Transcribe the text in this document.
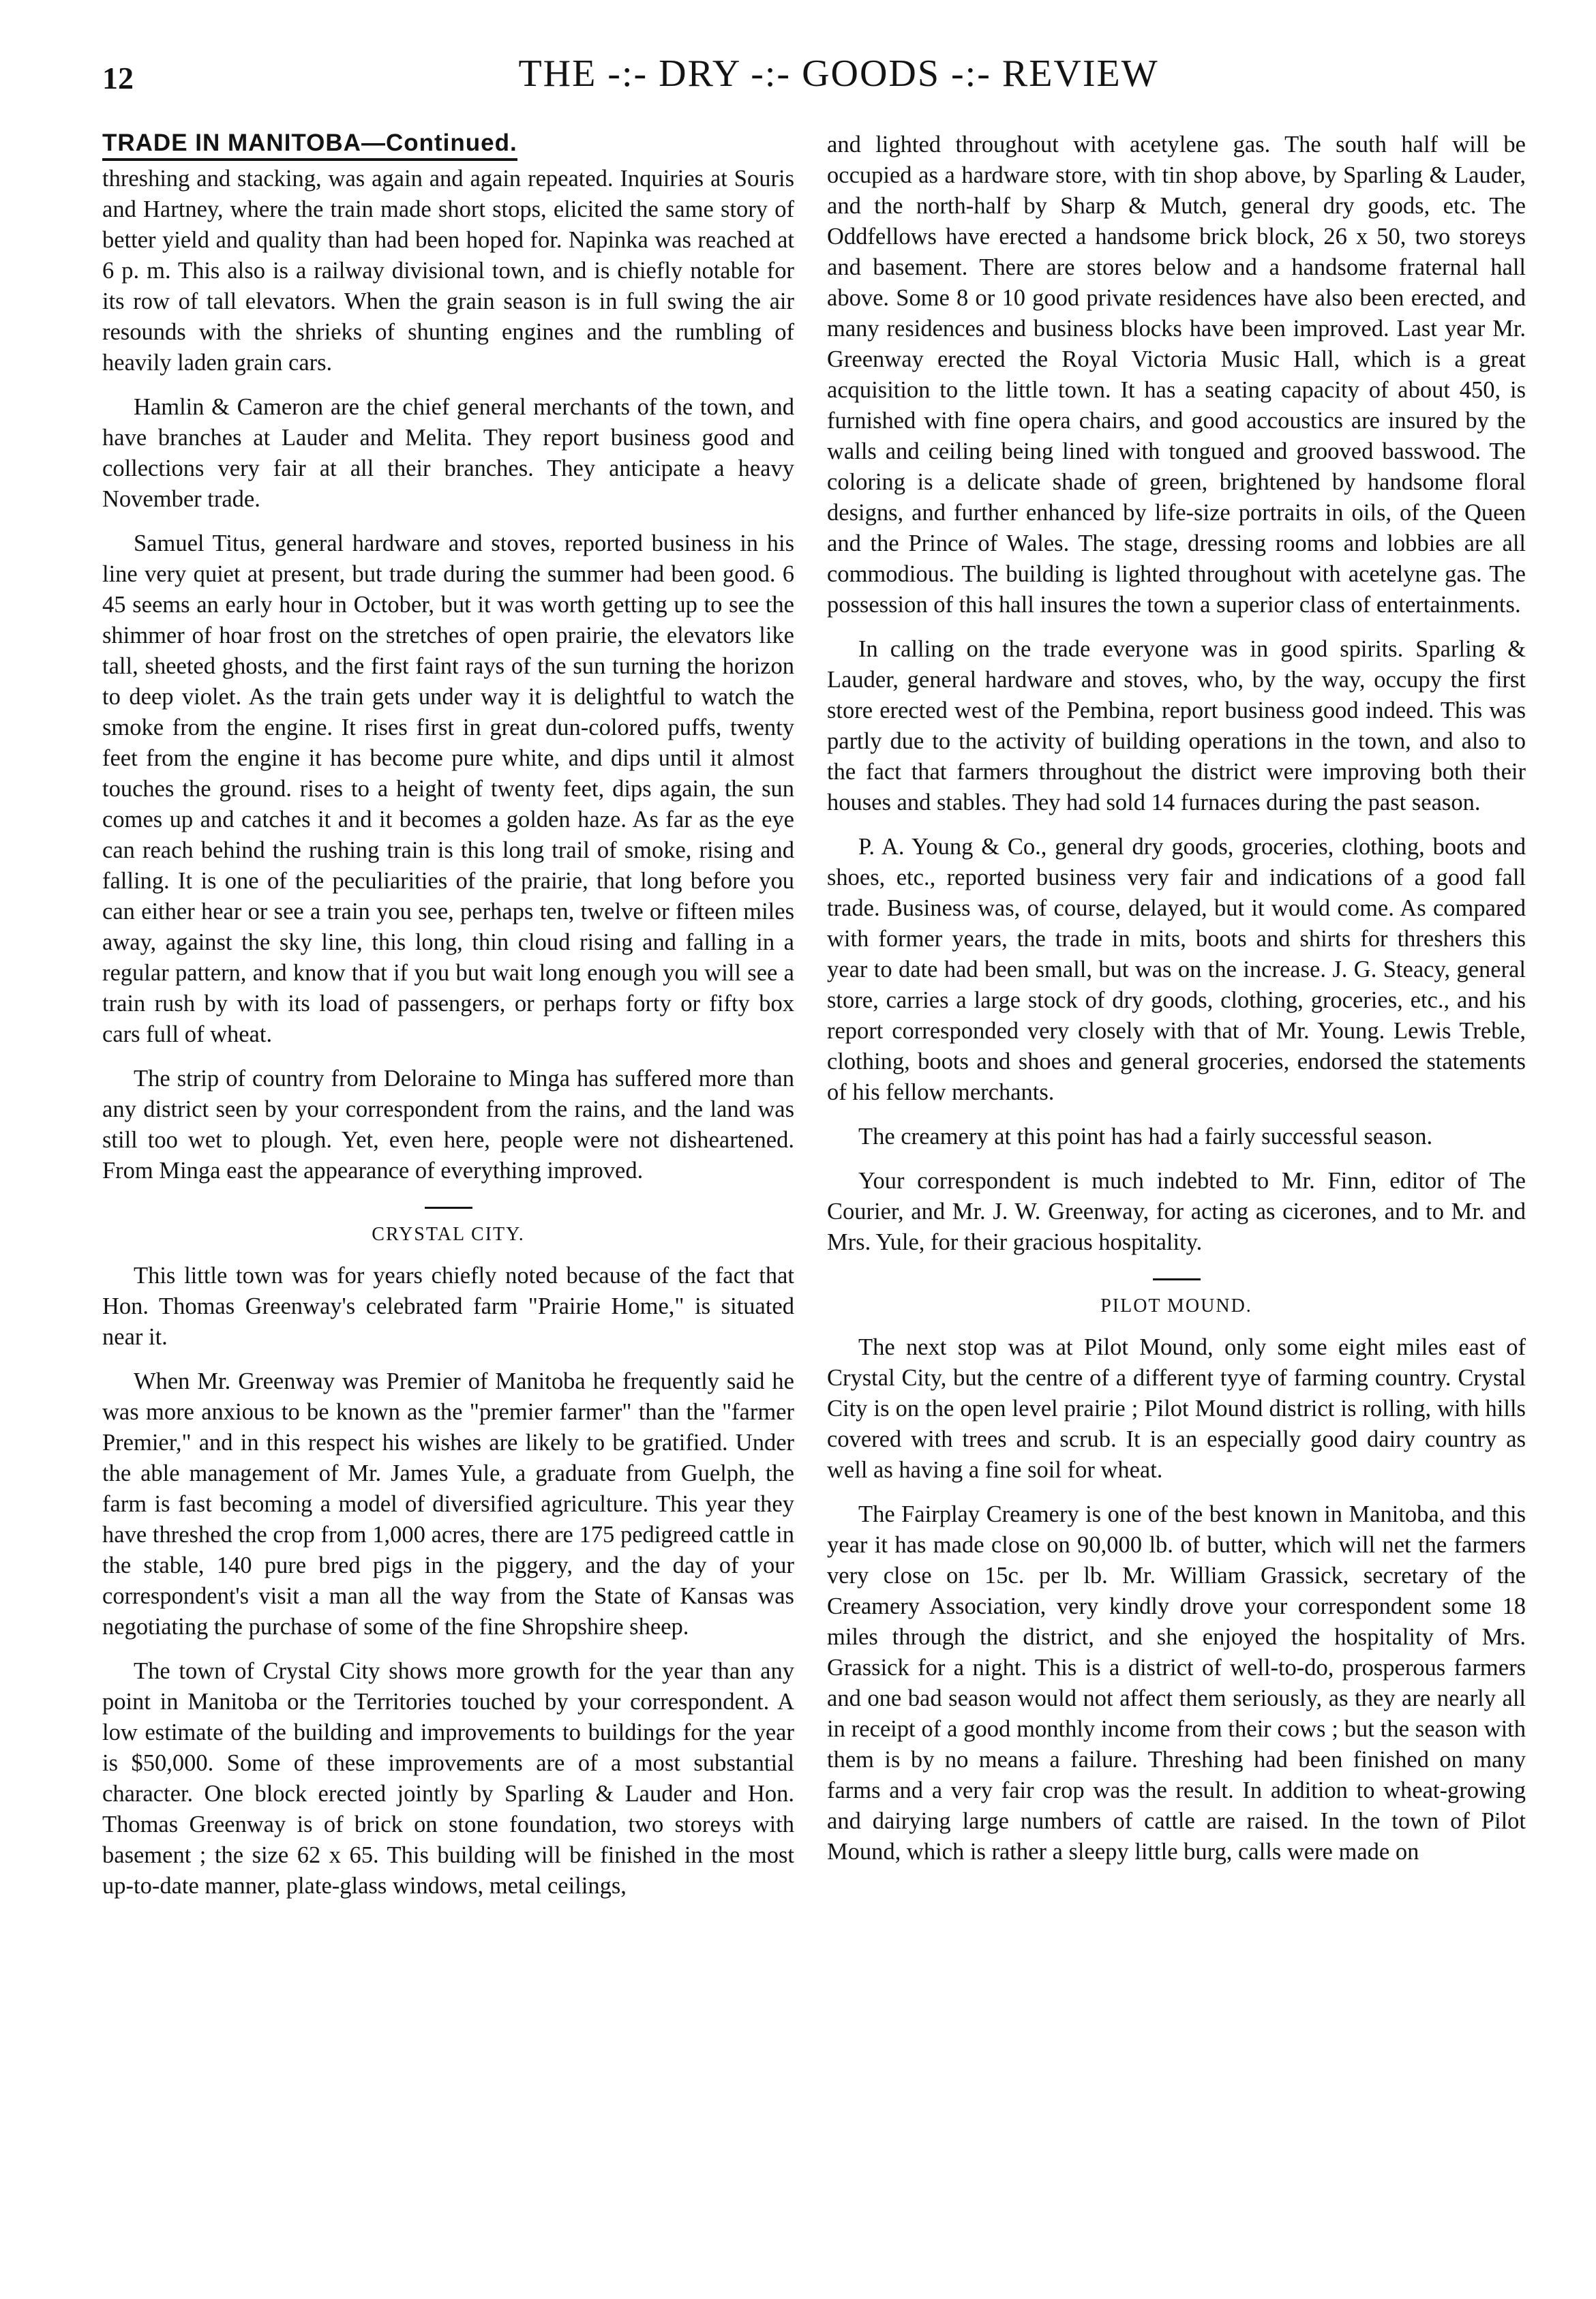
12	THE -:- DRY -:- GOODS -:- REVIEW
TRADE IN MANITOBA—Continued.

threshing and stacking, was again and again repeated. Inquiries at Souris and Hartney, where the train made short stops, elicited the same story of better yield and quality than had been hoped for. Napinka was reached at 6 p. m. This also is a railway divisional town, and is chiefly notable for its row of tall elevators. When the grain season is in full swing the air resounds with the shrieks of shunting engines and the rumbling of heavily laden grain cars.

Hamlin & Cameron are the chief general merchants of the town, and have branches at Lauder and Melita. They report business good and collections very fair at all their branches. They anticipate a heavy November trade.

Samuel Titus, general hardware and stoves, reported business in his line very quiet at present, but trade during the summer had been good. 6 45 seems an early hour in October, but it was worth getting up to see the shimmer of hoar frost on the stretches of open prairie, the elevators like tall, sheeted ghosts, and the first faint rays of the sun turning the horizon to deep violet. As the train gets under way it is delightful to watch the smoke from the engine. It rises first in great dun-colored puffs, twenty feet from the engine it has become pure white, and dips until it almost touches the ground. rises to a height of twenty feet, dips again, the sun comes up and catches it and it becomes a golden haze. As far as the eye can reach behind the rushing train is this long trail of smoke, rising and falling. It is one of the peculiarities of the prairie, that long before you can either hear or see a train you see, perhaps ten, twelve or fifteen miles away, against the sky line, this long, thin cloud rising and falling in a regular pattern, and know that if you but wait long enough you will see a train rush by with its load of passengers, or perhaps forty or fifty box cars full of wheat.

The strip of country from Deloraine to Minga has suffered more than any district seen by your correspondent from the rains, and the land was still too wet to plough. Yet, even here, people were not disheartened. From Minga east the appearance of everything improved.

CRYSTAL CITY.

This little town was for years chiefly noted because of the fact that Hon. Thomas Greenway's celebrated farm "Prairie Home," is situated near it.

When Mr. Greenway was Premier of Manitoba he frequently said he was more anxious to be known as the "premier farmer" than the "farmer Premier," and in this respect his wishes are likely to be gratified. Under the able management of Mr. James Yule, a graduate from Guelph, the farm is fast becoming a model of diversified agriculture. This year they have threshed the crop from 1,000 acres, there are 175 pedigreed cattle in the stable, 140 pure bred pigs in the piggery, and the day of your correspondent's visit a man all the way from the State of Kansas was negotiating the purchase of some of the fine Shropshire sheep.

The town of Crystal City shows more growth for the year than any point in Manitoba or the Territories touched by your correspondent. A low estimate of the building and improvements to buildings for the year is $50,000. Some of these improvements are of a most substantial character. One block erected jointly by Sparling & Lauder and Hon. Thomas Greenway is of brick on stone foundation, two storeys with basement ; the size 62 x 65. This building will be finished in the most up-to-date manner, plate-glass windows, metal ceilings,

and lighted throughout with acetylene gas. The south half will be occupied as a hardware store, with tin shop above, by Sparling & Lauder, and the north-half by Sharp & Mutch, general dry goods, etc. The Oddfellows have erected a handsome brick block, 26 x 50, two storeys and basement. There are stores below and a handsome fraternal hall above. Some 8 or 10 good private residences have also been erected, and many residences and business blocks have been improved. Last year Mr. Greenway erected the Royal Victoria Music Hall, which is a great acquisition to the little town. It has a seating capacity of about 450, is furnished with fine opera chairs, and good accoustics are insured by the walls and ceiling being lined with tongued and grooved basswood. The coloring is a delicate shade of green, brightened by handsome floral designs, and further enhanced by life-size portraits in oils, of the Queen and the Prince of Wales. The stage, dressing rooms and lobbies are all commodious. The building is lighted throughout with acetelyne gas. The possession of this hall insures the town a superior class of entertainments.

In calling on the trade everyone was in good spirits. Sparling & Lauder, general hardware and stoves, who, by the way, occupy the first store erected west of the Pembina, report business good indeed. This was partly due to the activity of building operations in the town, and also to the fact that farmers throughout the district were improving both their houses and stables. They had sold 14 furnaces during the past season.

P. A. Young & Co., general dry goods, groceries, clothing, boots and shoes, etc., reported business very fair and indications of a good fall trade. Business was, of course, delayed, but it would come. As compared with former years, the trade in mits, boots and shirts for threshers this year to date had been small, but was on the increase. J. G. Steacy, general store, carries a large stock of dry goods, clothing, groceries, etc., and his report corresponded very closely with that of Mr. Young. Lewis Treble, clothing, boots and shoes and general groceries, endorsed the statements of his fellow merchants.

The creamery at this point has had a fairly successful season.

Your correspondent is much indebted to Mr. Finn, editor of The Courier, and Mr. J. W. Greenway, for acting as cicerones, and to Mr. and Mrs. Yule, for their gracious hospitality.

PILOT MOUND.

The next stop was at Pilot Mound, only some eight miles east of Crystal City, but the centre of a different tyye of farming country. Crystal City is on the open level prairie ; Pilot Mound district is rolling, with hills covered with trees and scrub. It is an especially good dairy country as well as having a fine soil for wheat.

The Fairplay Creamery is one of the best known in Manitoba, and this year it has made close on 90,000 lb. of butter, which will net the farmers very close on 15c. per lb. Mr. William Grassick, secretary of the Creamery Association, very kindly drove your correspondent some 18 miles through the district, and she enjoyed the hospitality of Mrs. Grassick for a night. This is a district of well-to-do, prosperous farmers and one bad season would not affect them seriously, as they are nearly all in receipt of a good monthly income from their cows ; but the season with them is by no means a failure. Threshing had been finished on many farms and a very fair crop was the result. In addition to wheat-growing and dairying large numbers of cattle are raised. In the town of Pilot Mound, which is rather a sleepy little burg, calls were made on
